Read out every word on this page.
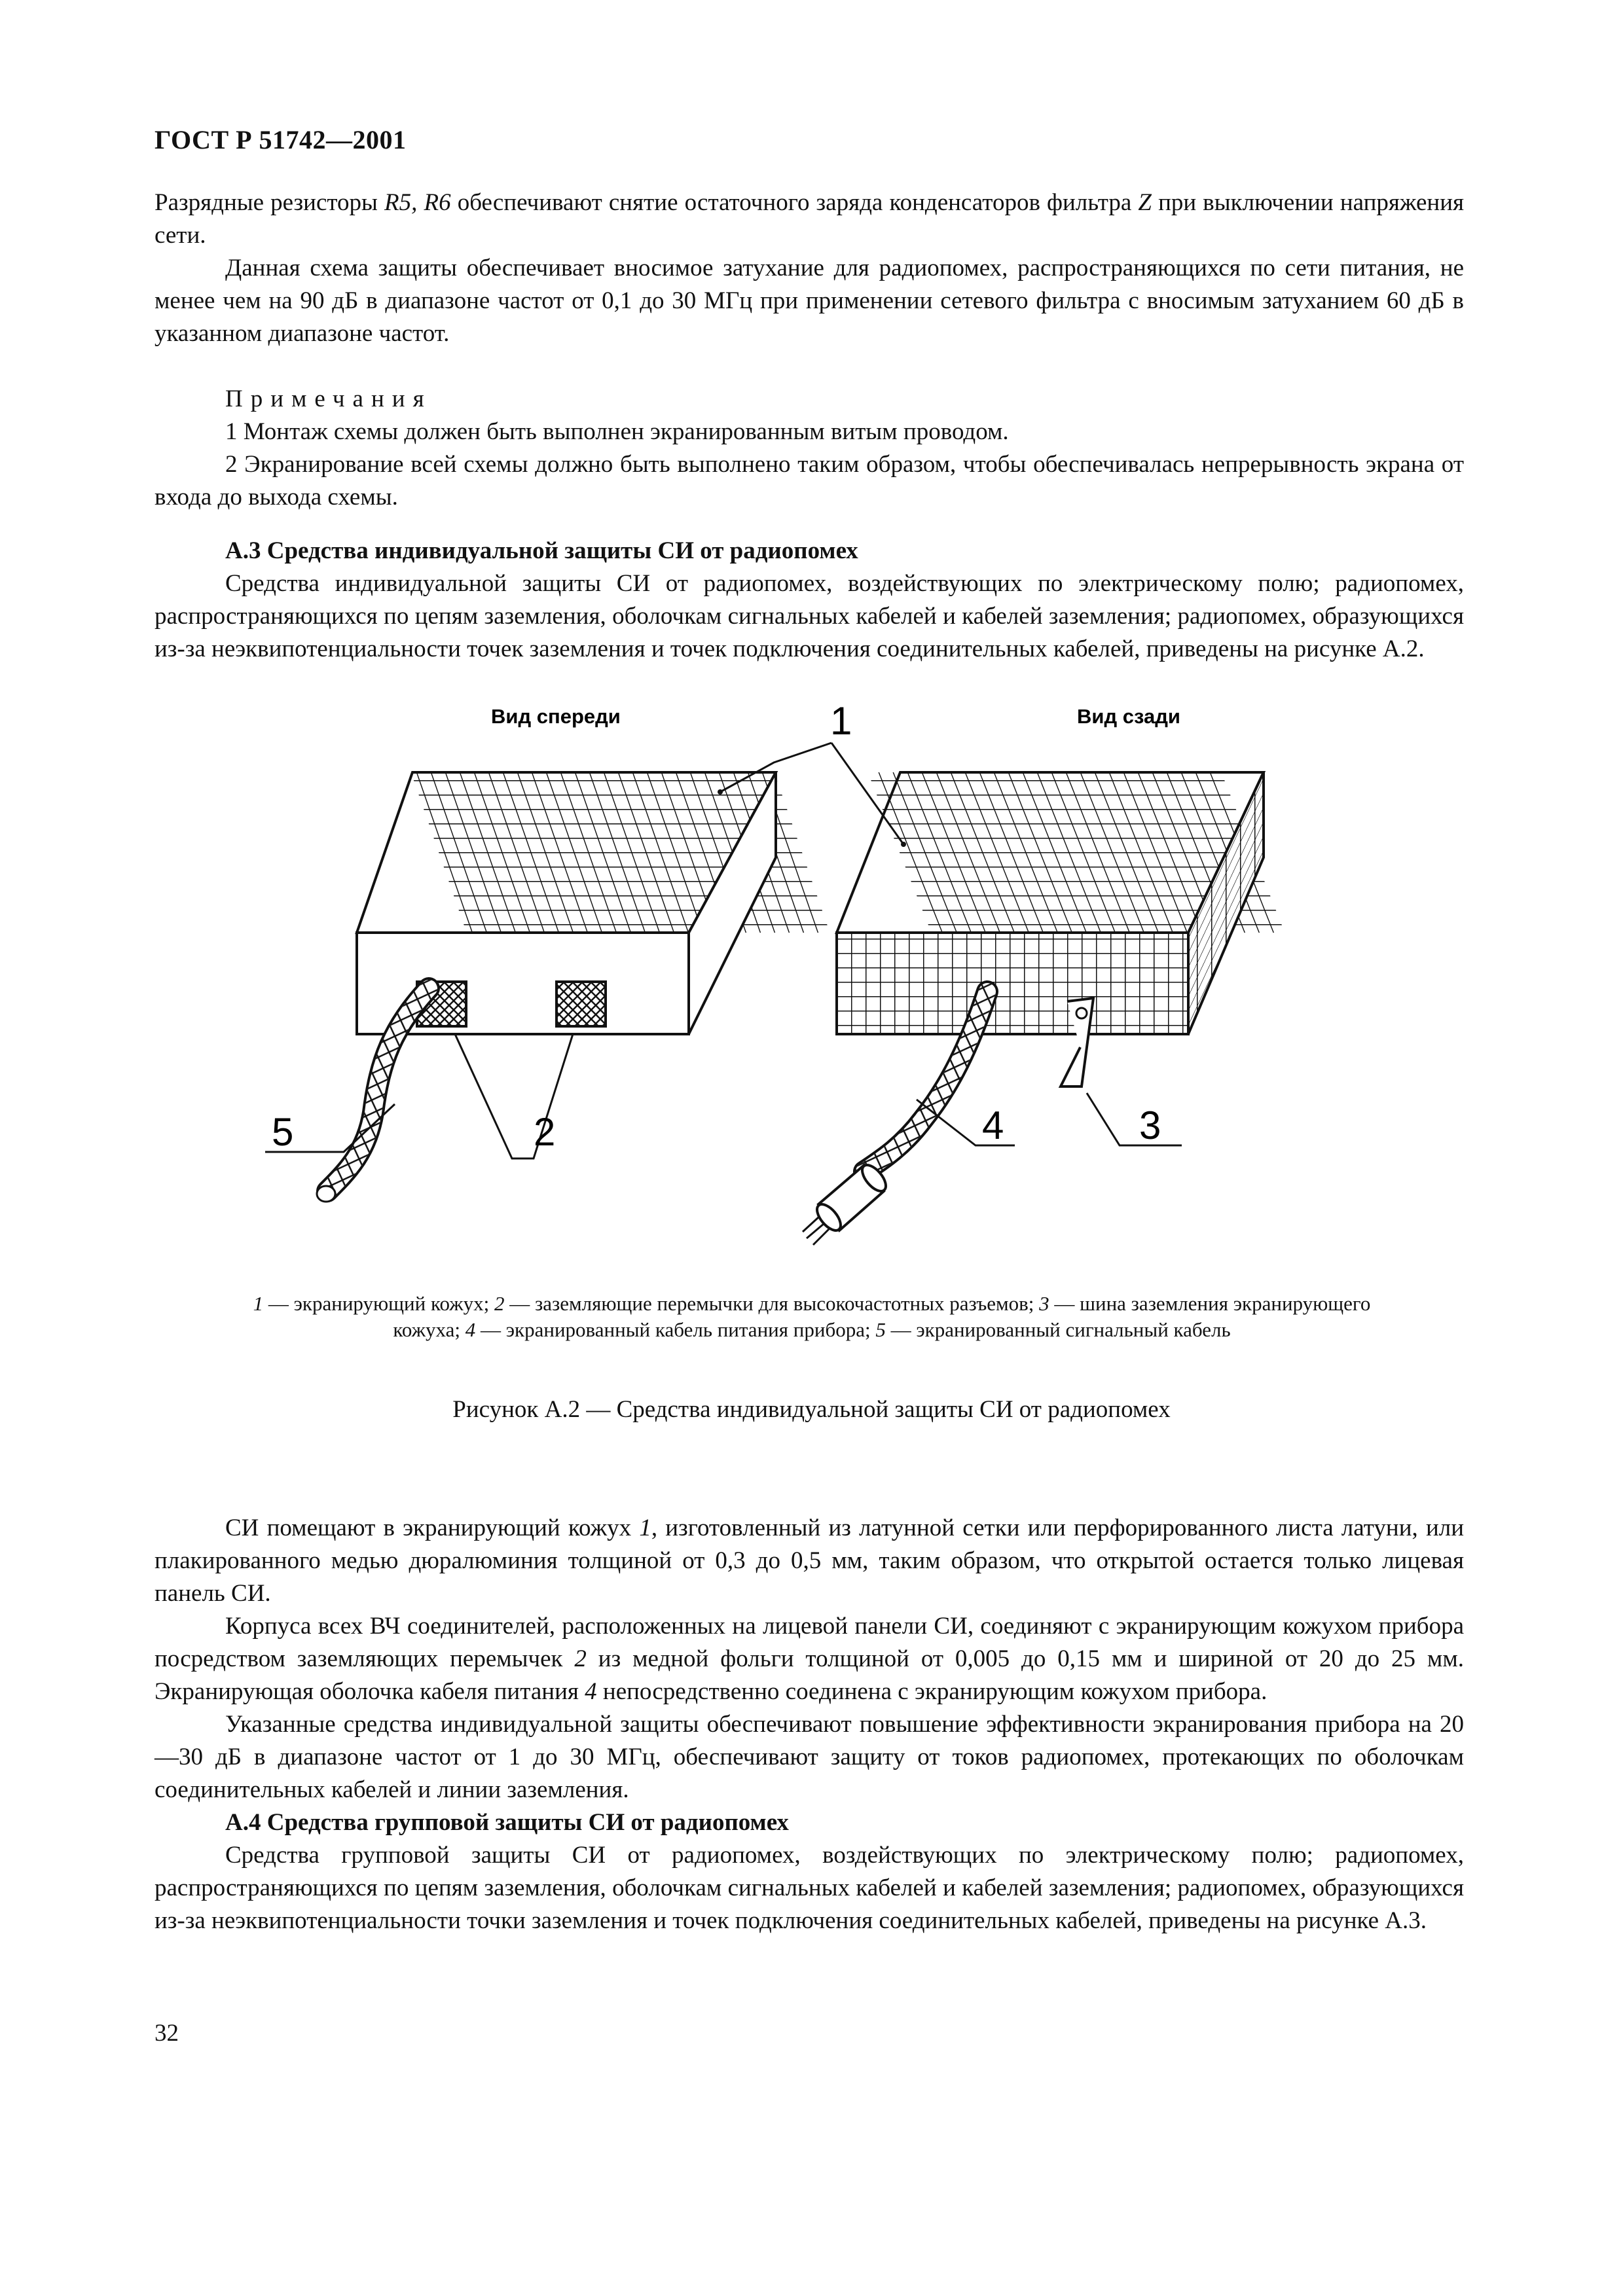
ГОСТ Р 51742—2001

Разрядные резисторы R5, R6 обеспечивают снятие остаточного заряда конденсаторов фильтра Z при выключении напряжения сети.

Данная схема защиты обеспечивает вносимое затухание для радиопомех, распространяющихся по сети питания, не менее чем на 90 дБ в диапазоне частот от 0,1 до 30 МГц при применении сетевого фильтра с вносимым затуханием 60 дБ в указанном диапазоне частот.

Примечания

1 Монтаж схемы должен быть выполнен экранированным витым проводом.

2 Экранирование всей схемы должно быть выполнено таким образом, чтобы обеспечивалась непрерывность экрана от входа до выхода схемы.

А.3 Средства индивидуальной защиты СИ от радиопомех

Средства индивидуальной защиты СИ от радиопомех, воздействующих по электрическому полю; радиопомех, распространяющихся по цепям заземления, оболочкам сигнальных кабелей и кабелей заземления; радиопомех, образующихся из-за неэквипотенциальности точек заземления и точек подключения соединительных кабелей, приведены на рисунке А.2.

Вид спереди	Вид сзади
1
5	2	4	3
1 — экранирующий кожух; 2 — заземляющие перемычки для высокочастотных разъемов; 3 — шина заземления экранирующего кожуха; 4 — экранированный кабель питания прибора; 5 — экранированный сигнальный кабель
Рисунок А.2 — Средства индивидуальной защиты СИ от радиопомех

СИ помещают в экранирующий кожух 1, изготовленный из латунной сетки или перфорированного листа латуни, или плакированного медью дюралюминия толщиной от 0,3 до 0,5 мм, таким образом, что открытой остается только лицевая панель СИ.

Корпуса всех ВЧ соединителей, расположенных на лицевой панели СИ, соединяют с экранирующим кожухом прибора посредством заземляющих перемычек 2 из медной фольги толщиной от 0,005 до 0,15 мм и шириной от 20 до 25 мм. Экранирующая оболочка кабеля питания 4 непосредственно соединена с экранирующим кожухом прибора.

Указанные средства индивидуальной защиты обеспечивают повышение эффективности экранирования прибора на 20—30 дБ в диапазоне частот от 1 до 30 МГц, обеспечивают защиту от токов радиопомех, протекающих по оболочкам соединительных кабелей и линии заземления.

А.4 Средства групповой защиты СИ от радиопомех

Средства групповой защиты СИ от радиопомех, воздействующих по электрическому полю; радиопомех, распространяющихся по цепям заземления, оболочкам сигнальных кабелей и кабелей заземления; радиопомех, образующихся из-за неэквипотенциальности точки заземления и точек подключения соединительных кабелей, приведены на рисунке А.3.

32
